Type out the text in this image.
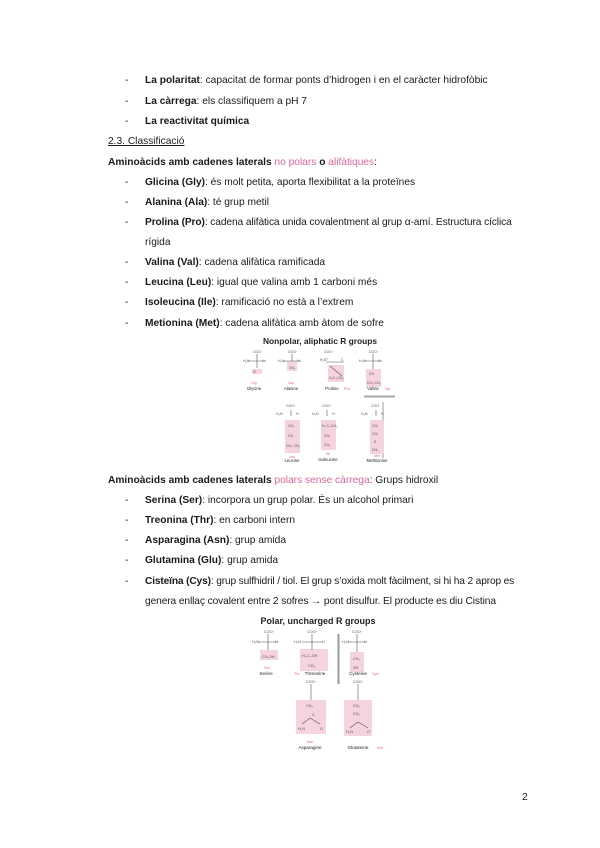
- La polaritat: capacitat de formar ponts d’hidrogen i en el caràcter hidrofòbic
- La càrrega: els classifiquem a pH 7
- La reactivitat química
2.3. Classificació
Aminoàcids amb cadenes laterals no polars o alifàtiques:
- Glicina (Gly): és molt petita, aporta flexibilitat a la proteïnes
- Alanina (Ala): té grup metil
- Prolina (Pro): cadena alifàtica unida covalentment al grup α-amí. Estructura cíclica
rígida
- Valina (Val): cadena alifàtica ramificada
- Leucina (Leu): igual que valina amb 1 carboni més
- Isoleucina (Ile): ramificació no està a l’extrem
- Metionina (Met): cadena alifàtica amb àtom de sofre
Nonpolar, aliphatic R groups
COO⁻
H₃N	H
H
COO⁻
H₃N	H
CH₃
COO⁻
H₂N⁺	C
H₂C–CH₂
COO⁻
H₃N	H
CH
CH₃ CH₃
COO⁻
H₃N	H
CH₂
CH
CH₃ CH₃
COO⁻
H₃N	H
H–C–CH₃
CH₂
CH₃
COO⁻
H₃N	H
CH₂
CH₂
S
CH₃
Gly
Glycine
Ala
Alanine	Proline Pro	Valine Val
Leu
Leucine
Ile
Isoleucine
Met
Methionine
Aminoàcids amb cadenes laterals polars sense càrrega: Grups hidroxil
- Serina (Ser): incorpora un grup polar. És un alcohol primari
- Treonina (Thr): en carboni intern
- Asparagina (Asn): grup amida
- Glutamina (Glu): grup amida
- Cisteïna (Cys): grup sulfhidril / tiol. El grup s’oxida molt fàcilment, si hi ha 2 aprop es
genera enllaç covalent entre 2 sofres → pont disulfur. El producte es diu Cistina
Polar, uncharged R groups
COO⁻
H₃N	H
CH₂OH
COO⁻
H₃N	H
H–C–OH
CH₃
COO⁻
H₃N	H
CH₂
SH
COO⁻
CH₂
C
H₂N	O
COO⁻
CH₂
CH₂
H₂N	O
Ser
Serine	Thr Threonine	Cysteine Cys
Asn
Asparagine	Glutamine Gln
2
